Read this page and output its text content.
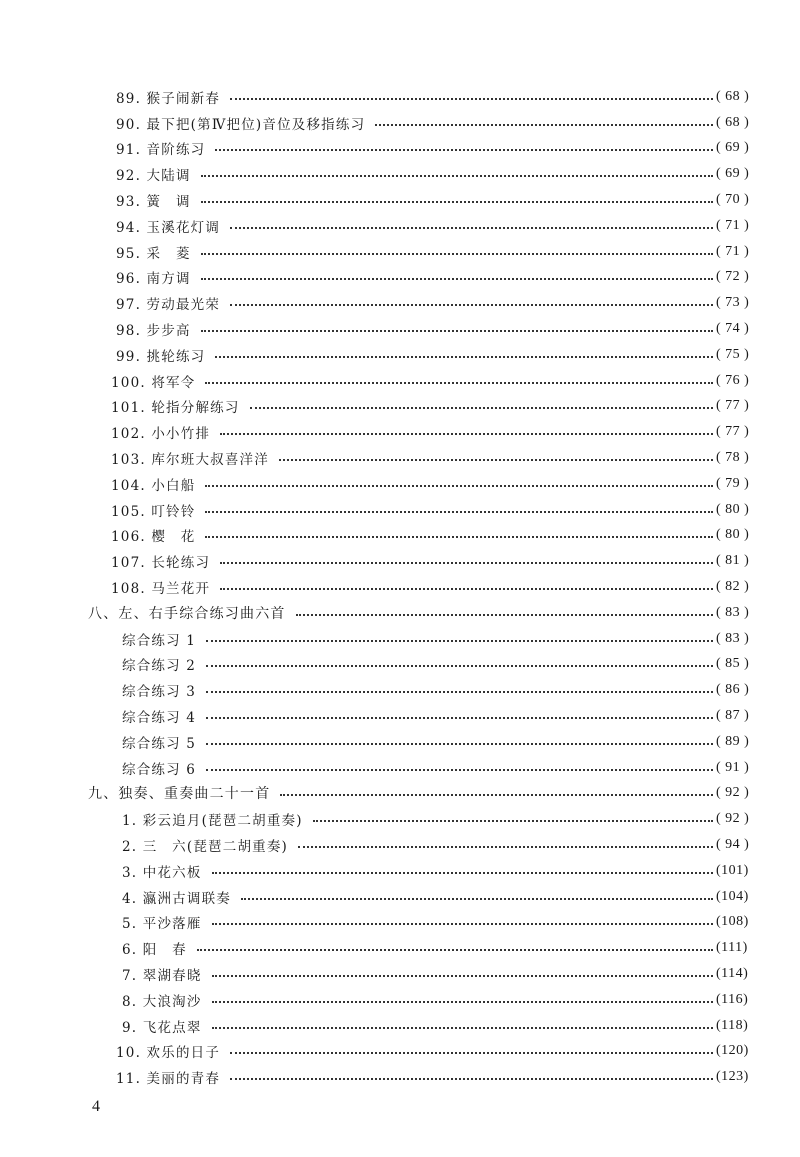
89. 猴子闹新春	( 68 )
90. 最下把(第Ⅳ把位)音位及移指练习	( 68 )
91. 音阶练习	( 69 )
92. 大陆调	( 69 )
93. 簧　调	( 70 )
94. 玉溪花灯调	( 71 )
95. 采　菱	( 71 )
96. 南方调	( 72 )
97. 劳动最光荣	( 73 )
98. 步步高	( 74 )
99. 挑轮练习	( 75 )
100. 将军令	( 76 )
101. 轮指分解练习	( 77 )
102. 小小竹排	( 77 )
103. 库尔班大叔喜洋洋	( 78 )
104. 小白船	( 79 )
105. 叮铃铃	( 80 )
106. 樱　花	( 80 )
107. 长轮练习	( 81 )
108. 马兰花开	( 82 )
八、左、右手综合练习曲六首	( 83 )
综合练习 1	( 83 )
综合练习 2	( 85 )
综合练习 3	( 86 )
综合练习 4	( 87 )
综合练习 5	( 89 )
综合练习 6	( 91 )
九、独奏、重奏曲二十一首	( 92 )
1. 彩云追月(琵琶二胡重奏)	( 92 )
2. 三　六(琵琶二胡重奏)	( 94 )
3. 中花六板	(101)
4. 瀛洲古调联奏	(104)
5. 平沙落雁	(108)
6. 阳　春	(111)
7. 翠湖春晓	(114)
8. 大浪淘沙	(116)
9. 飞花点翠	(118)
10. 欢乐的日子	(120)
11. 美丽的青春	(123)
4
